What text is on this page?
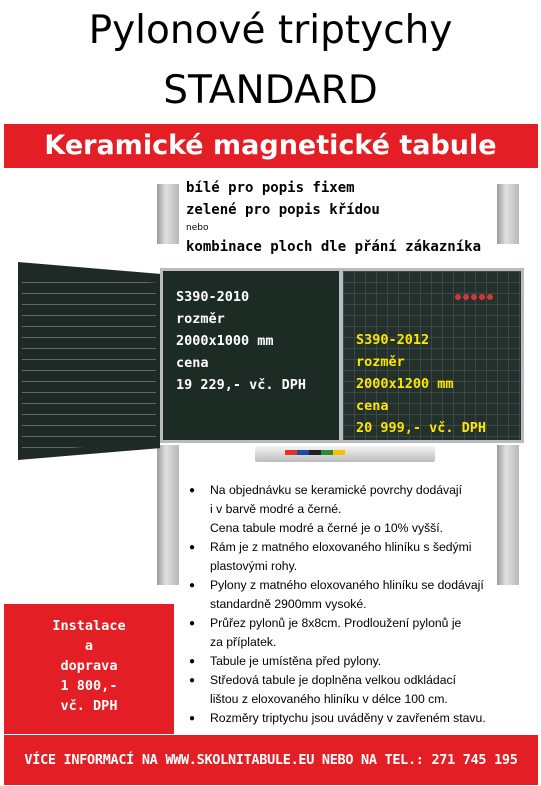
Pylonové triptychy
STANDARD
Keramické magnetické tabule
bílé pro popis fixem
zelené pro popis křídou
nebo
kombinace ploch dle přání zákazníka
S390-2010
rozměr
2000x1000 mm
cena
19 229,- vč. DPH
S390-2012
rozměr
2000x1200 mm
cena
20 999,- vč. DPH
● Na objednávku se keramické povrchy dodávají
i v barvě modré a černé.
Cena tabule modré a černé je o 10% vyšší.
● Rám je z matného eloxovaného hliníku s šedými
plastovými rohy.
● Pylony z matného eloxovaného hliníku se dodávají
standardně 2900mm vysoké.
● Průřez pylonů je 8x8cm. Prodloužení pylonů je
za příplatek.
● Tabule je umístěna před pylony.
● Středová tabule je doplněna velkou odkládací
lištou z eloxovaného hliníku v délce 100 cm.
● Rozměry triptychu jsou uváděny v zavřeném stavu.
Instalace
a
doprava
1 800,-
vč. DPH
VÍCE INFORMACÍ NA WWW.SKOLNITABULE.EU NEBO NA TEL.: 271 745 195
